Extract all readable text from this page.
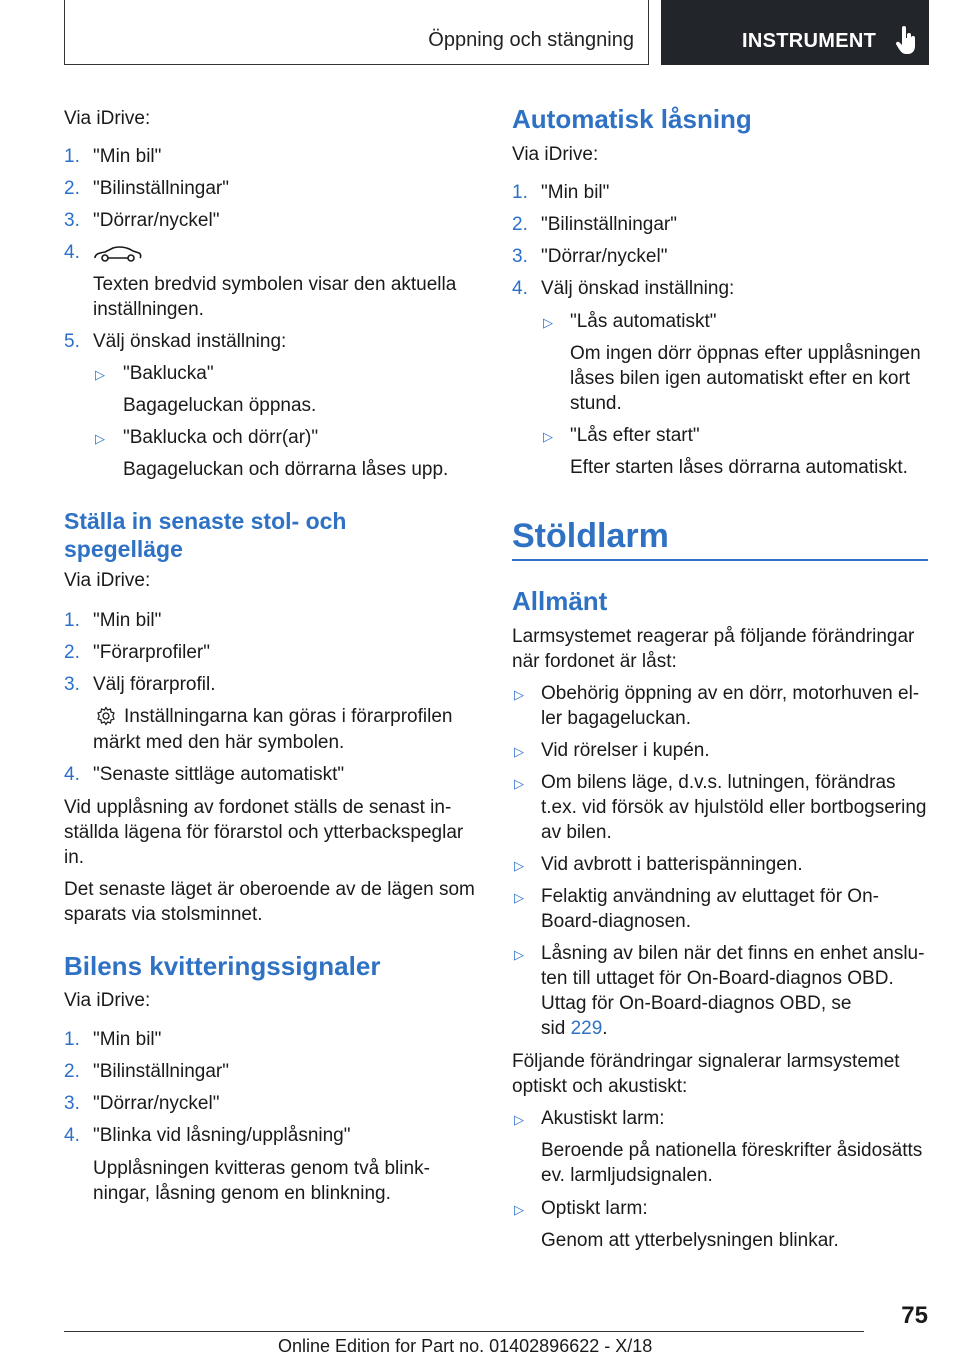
Öppning och stängning	INSTRUMENT
Via iDrive:
1. "Min bil"
2. "Bilinställningar"
3. "Dörrar/nyckel"
4.
Texten bredvid symbolen visar den aktuella
inställningen.
5. Välj önskad inställning:
▷ "Baklucka"
Bagageluckan öppnas.
▷ "Baklucka och dörr(ar)"
Bagageluckan och dörrarna låses upp.
Ställa in senaste stol- och
spegelläge
Via iDrive:
1. "Min bil"
2. "Förarprofiler"
3. Välj förarprofil.
Inställningarna kan göras i förarprofilen
märkt med den här symbolen.
4. "Senaste sittläge automatiskt"
Vid upplåsning av fordonet ställs de senast in‐
ställda lägena för förarstol och ytterbackspeglar
in.
Det senaste läget är oberoende av de lägen som
sparats via stolsminnet.
Bilens kvitteringssignaler
Via iDrive:
1. "Min bil"
2. "Bilinställningar"
3. "Dörrar/nyckel"
4. "Blinka vid låsning/upplåsning"
Upplåsningen kvitteras genom två blink‐
ningar, låsning genom en blinkning.
Automatisk låsning
Via iDrive:
1. "Min bil"
2. "Bilinställningar"
3. "Dörrar/nyckel"
4. Välj önskad inställning:
▷ "Lås automatiskt"
Om ingen dörr öppnas efter upplåsningen
låses bilen igen automatiskt efter en kort
stund.
▷ "Lås efter start"
Efter starten låses dörrarna automatiskt.
Stöldlarm
Allmänt
Larmsystemet reagerar på följande förändringar
när fordonet är låst:
▷ Obehörig öppning av en dörr, motorhuven el‐
ler bagageluckan.
▷ Vid rörelser i kupén.
▷ Om bilens läge, d.v.s. lutningen, förändras
t.ex. vid försök av hjulstöld eller bortbogsering
av bilen.
▷ Vid avbrott i batterispänningen.
▷ Felaktig användning av eluttaget för On-
Board-diagnosen.
▷ Låsning av bilen när det finns en enhet anslu‐
ten till uttaget för On-Board-diagnos OBD.
Uttag för On-Board-diagnos OBD, se
sid 229.
Följande förändringar signalerar larmsystemet
optiskt och akustiskt:
▷ Akustiskt larm:
Beroende på nationella föreskrifter åsidosätts
ev. larmljudsignalen.
▷ Optiskt larm:
Genom att ytterbelysningen blinkar.
75
Online Edition for Part no. 01402896622 - X/18
